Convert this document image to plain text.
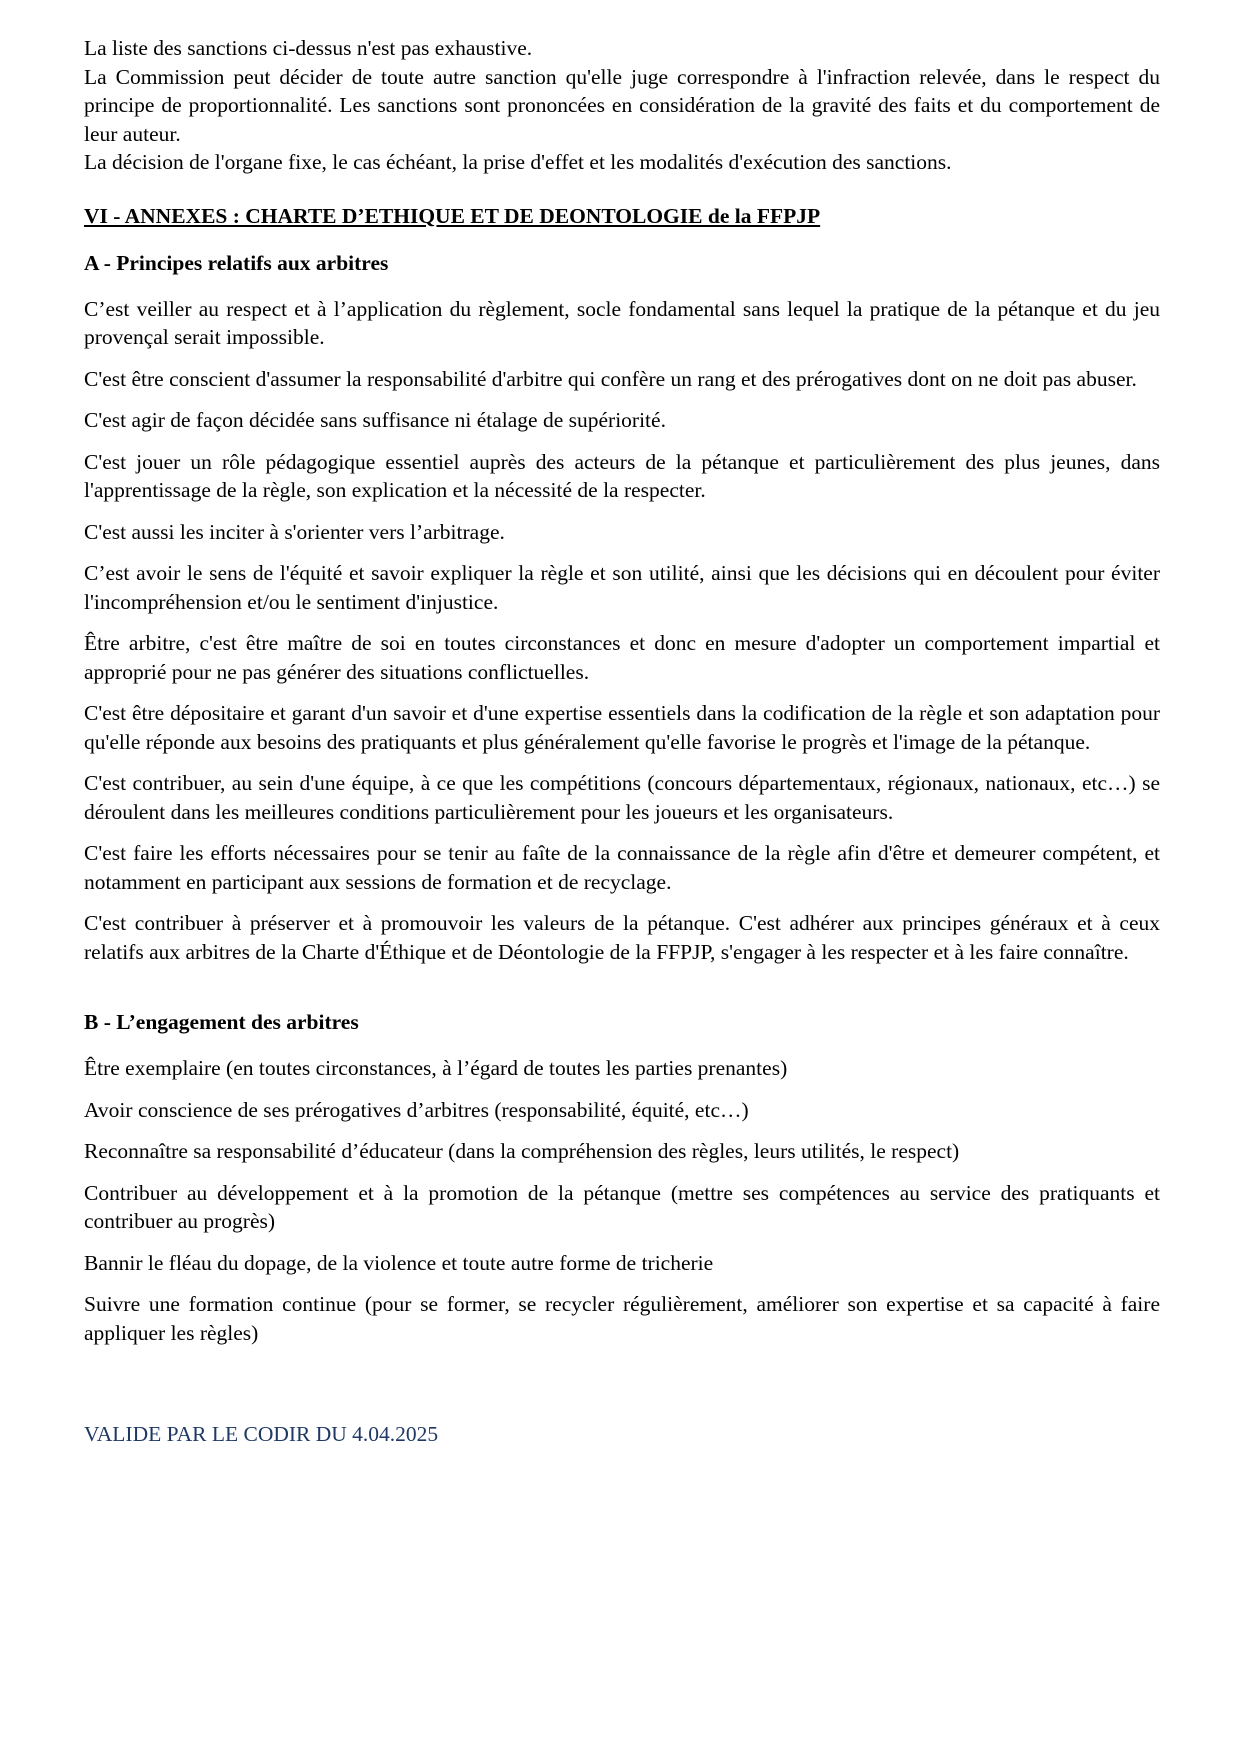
La liste des sanctions ci-dessus n'est pas exhaustive.

La Commission peut décider de toute autre sanction qu'elle juge correspondre à l'infraction relevée, dans le respect du principe de proportionnalité. Les sanctions sont prononcées en considération de la gravité des faits et du comportement de leur auteur.

La décision de l'organe fixe, le cas échéant, la prise d'effet et les modalités d'exécution des sanctions.

VI - ANNEXES : CHARTE D’ETHIQUE ET DE DEONTOLOGIE de la FFPJP
A - Principes relatifs aux arbitres

C’est veiller au respect et à l’application du règlement, socle fondamental sans lequel la pratique de la pétanque et du jeu provençal serait impossible.

C'est être conscient d'assumer la responsabilité d'arbitre qui confère un rang et des prérogatives dont on ne doit pas abuser.

C'est agir de façon décidée sans suffisance ni étalage de supériorité.

C'est jouer un rôle pédagogique essentiel auprès des acteurs de la pétanque et particulièrement des plus jeunes, dans l'apprentissage de la règle, son explication et la nécessité de la respecter.

C'est aussi les inciter à s'orienter vers l’arbitrage.

C’est avoir le sens de l'équité et savoir expliquer la règle et son utilité, ainsi que les décisions qui en découlent pour éviter l'incompréhension et/ou le sentiment d'injustice.

Être arbitre, c'est être maître de soi en toutes circonstances et donc en mesure d'adopter un comportement impartial et approprié pour ne pas générer des situations conflictuelles.

C'est être dépositaire et garant d'un savoir et d'une expertise essentiels dans la codification de la règle et son adaptation pour qu'elle réponde aux besoins des pratiquants et plus généralement qu'elle favorise le progrès et l'image de la pétanque.

C'est contribuer, au sein d'une équipe, à ce que les compétitions (concours départementaux, régionaux, nationaux, etc…) se déroulent dans les meilleures conditions particulièrement pour les joueurs et les organisateurs.

C'est faire les efforts nécessaires pour se tenir au faîte de la connaissance de la règle afin d'être et demeurer compétent, et notamment en participant aux sessions de formation et de recyclage.

C'est contribuer à préserver et à promouvoir les valeurs de la pétanque. C'est adhérer aux principes généraux et à ceux relatifs aux arbitres de la Charte d'Éthique et de Déontologie de la FFPJP, s'engager à les respecter et à les faire connaître.

B - L’engagement des arbitres

Être exemplaire (en toutes circonstances, à l’égard de toutes les parties prenantes)

Avoir conscience de ses prérogatives d’arbitres (responsabilité, équité, etc…)

Reconnaître sa responsabilité d’éducateur (dans la compréhension des règles, leurs utilités, le respect)

Contribuer au développement et à la promotion de la pétanque (mettre ses compétences au service des pratiquants et contribuer au progrès)

Bannir le fléau du dopage, de la violence et toute autre forme de tricherie

Suivre une formation continue (pour se former, se recycler régulièrement, améliorer son expertise et sa capacité à faire appliquer les règles)

VALIDE PAR LE CODIR DU 4.04.2025
